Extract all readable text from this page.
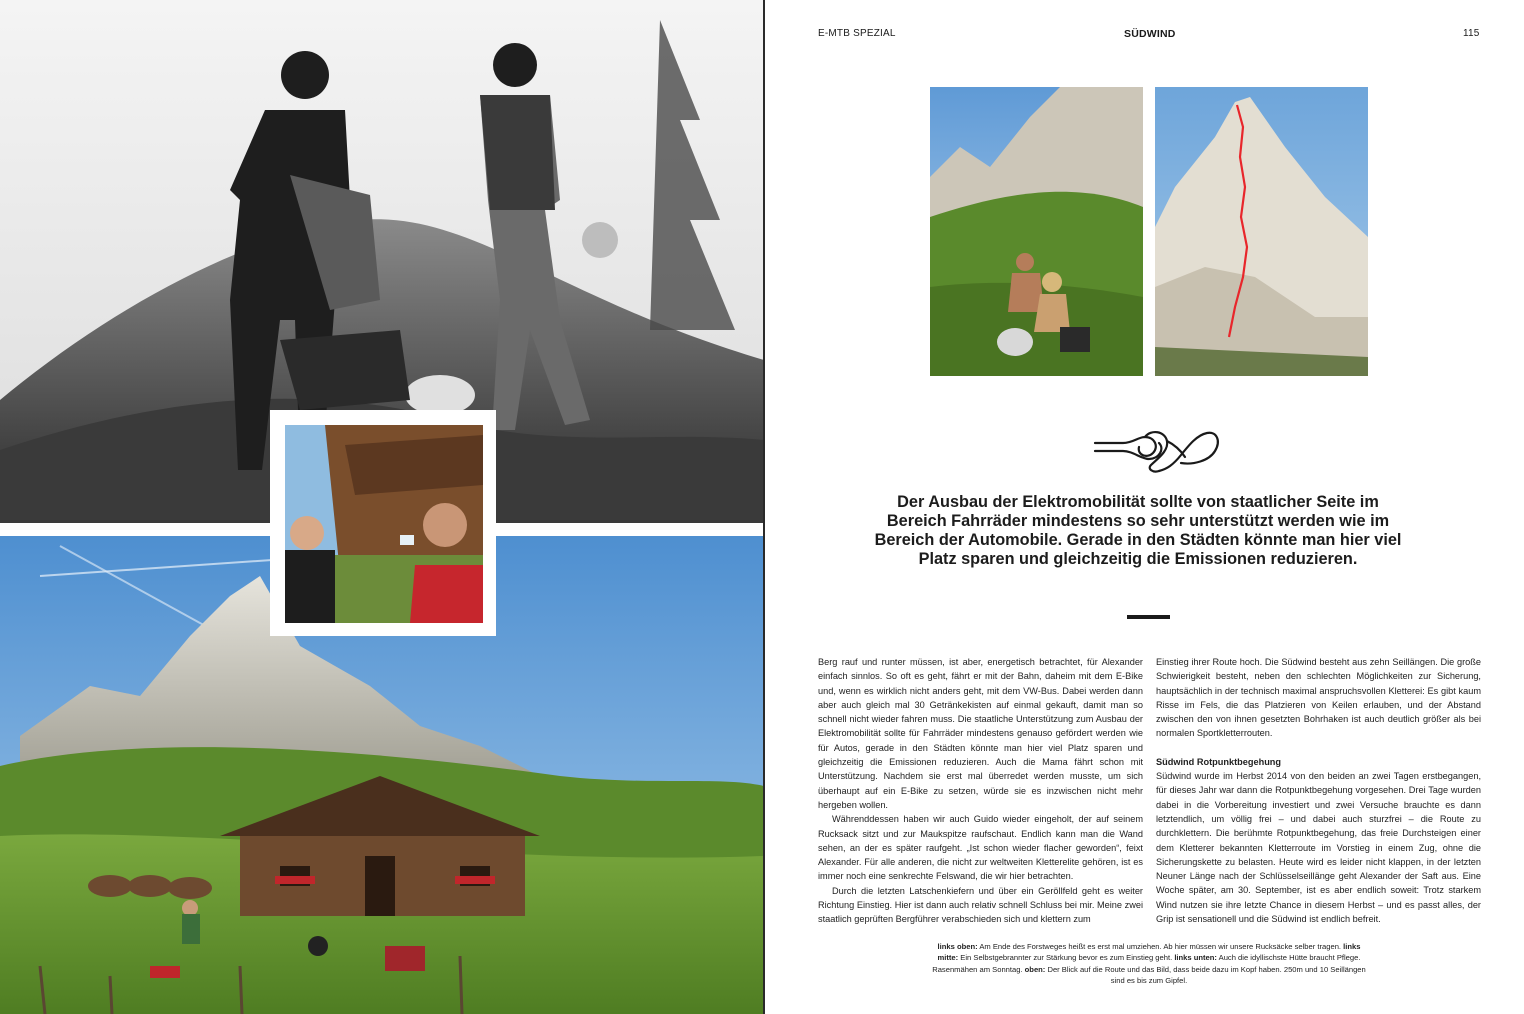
E-MTB SPEZIAL	SÜDWIND	115
Der Ausbau der Elektromobilität sollte von staatlicher Seite im Bereich Fahrräder mindestens so sehr unterstützt werden wie im Bereich der Automobile. Gerade in den Städten könnte man hier viel Platz sparen und gleichzeitig die Emissionen reduzieren.

Berg rauf und runter müssen, ist aber, energetisch betrachtet, für Alexander einfach sinnlos. So oft es geht, fährt er mit der Bahn, daheim mit dem E-Bike und, wenn es wirklich nicht anders geht, mit dem VW-Bus. Dabei werden dann aber auch gleich mal 30 Getränkekisten auf einmal gekauft, damit man so schnell nicht wieder fahren muss. Die staatliche Unterstützung zum Ausbau der Elektromobilität sollte für Fahrräder mindestens genauso gefördert werden wie für Autos, gerade in den Städten könnte man hier viel Platz sparen und gleichzeitig die Emissionen reduzieren. Auch die Mama fährt schon mit Unterstützung. Nachdem sie erst mal überredet werden musste, um sich überhaupt auf ein E-Bike zu setzen, würde sie es inzwischen nicht mehr hergeben wollen.

Währenddessen haben wir auch Guido wieder eingeholt, der auf seinem Rucksack sitzt und zur Maukspitze raufschaut. Endlich kann man die Wand sehen, an der es später raufgeht. „Ist schon wieder flacher geworden“, feixt Alexander. Für alle anderen, die nicht zur weltweiten Kletterelite gehören, ist es immer noch eine senkrechte Felswand, die wir hier betrachten.

Durch die letzten Latschenkiefern und über ein Geröllfeld geht es weiter Richtung Einstieg. Hier ist dann auch relativ schnell Schluss bei mir. Meine zwei staatlich geprüften Bergführer verabschieden sich und klettern zum

Einstieg ihrer Route hoch. Die Südwind besteht aus zehn Seillängen. Die große Schwierigkeit besteht, neben den schlechten Möglichkeiten zur Sicherung, hauptsächlich in der technisch maximal anspruchsvollen Kletterei: Es gibt kaum Risse im Fels, die das Platzieren von Keilen erlauben, und der Abstand zwischen den von ihnen gesetzten Bohrhaken ist auch deutlich größer als bei normalen Sportkletterrouten.

Südwind Rotpunktbegehung

Südwind wurde im Herbst 2014 von den beiden an zwei Tagen erstbegangen, für dieses Jahr war dann die Rotpunktbegehung vorgesehen. Drei Tage wurden dabei in die Vorbereitung investiert und zwei Versuche brauchte es dann letztendlich, um völlig frei – und dabei auch sturzfrei – die Route zu durchklettern. Die berühmte Rotpunktbegehung, das freie Durchsteigen einer dem Kletterer bekannten Kletterroute im Vorstieg in einem Zug, ohne die Sicherungskette zu belasten. Heute wird es leider nicht klappen, in der letzten Neuner Länge nach der Schlüsselseillänge geht Alexander der Saft aus. Eine Woche später, am 30. September, ist es aber endlich soweit: Trotz starkem Wind nutzen sie ihre letzte Chance in diesem Herbst – und es passt alles, der Grip ist sensationell und die Südwind ist endlich befreit.

links oben: Am Ende des Forstweges heißt es erst mal umziehen. Ab hier müssen wir unsere Rucksäcke selber tragen. links mitte: Ein Selbstgebrannter zur Stärkung bevor es zum Einstieg geht. links unten: Auch die idyllischste Hütte braucht Pflege. Rasenmähen am Sonntag. oben: Der Blick auf die Route und das Bild, dass beide dazu im Kopf haben. 250m und 10 Seillängen sind es bis zum Gipfel.
